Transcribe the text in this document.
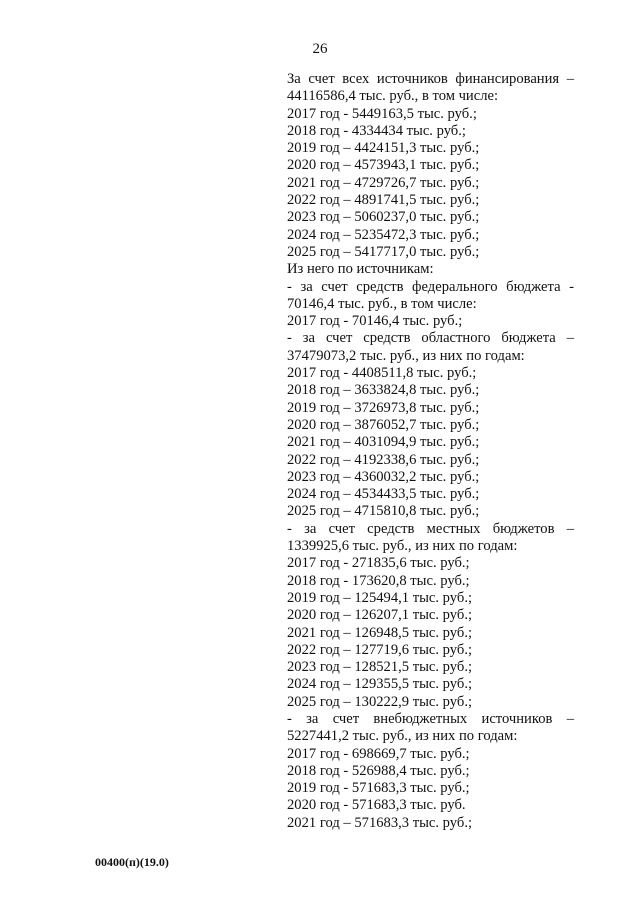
26
За счет всех источников финансирования –
44116586,4 тыс. руб., в том числе:
2017 год - 5449163,5 тыс. руб.;
2018 год - 4334434 тыс. руб.;
2019 год – 4424151,3 тыс. руб.;
2020 год – 4573943,1 тыс. руб.;
2021 год – 4729726,7 тыс. руб.;
2022 год – 4891741,5 тыс. руб.;
2023 год – 5060237,0 тыс. руб.;
2024 год – 5235472,3 тыс. руб.;
2025 год – 5417717,0 тыс. руб.;
Из него по источникам:
- за счет средств федерального бюджета -
70146,4 тыс. руб., в том числе:
2017 год - 70146,4 тыс. руб.;
- за счет средств областного бюджета –
37479073,2 тыс. руб., из них по годам:
2017 год - 4408511,8 тыс. руб.;
2018 год – 3633824,8 тыс. руб.;
2019 год – 3726973,8 тыс. руб.;
2020 год – 3876052,7 тыс. руб.;
2021 год – 4031094,9 тыс. руб.;
2022 год – 4192338,6 тыс. руб.;
2023 год – 4360032,2 тыс. руб.;
2024 год – 4534433,5 тыс. руб.;
2025 год – 4715810,8 тыс. руб.;
- за счет средств местных бюджетов –
1339925,6 тыс. руб., из них по годам:
2017 год - 271835,6 тыс. руб.;
2018 год - 173620,8 тыс. руб.;
2019 год – 125494,1 тыс. руб.;
2020 год – 126207,1 тыс. руб.;
2021 год – 126948,5 тыс. руб.;
2022 год – 127719,6 тыс. руб.;
2023 год – 128521,5 тыс. руб.;
2024 год – 129355,5 тыс. руб.;
2025 год – 130222,9 тыс. руб.;
- за счет внебюджетных источников –
5227441,2 тыс. руб., из них по годам:
2017 год - 698669,7 тыс. руб.;
2018 год - 526988,4 тыс. руб.;
2019 год - 571683,3 тыс. руб.;
2020 год - 571683,3 тыс. руб.
2021 год – 571683,3 тыс. руб.;
00400(п)(19.0)
